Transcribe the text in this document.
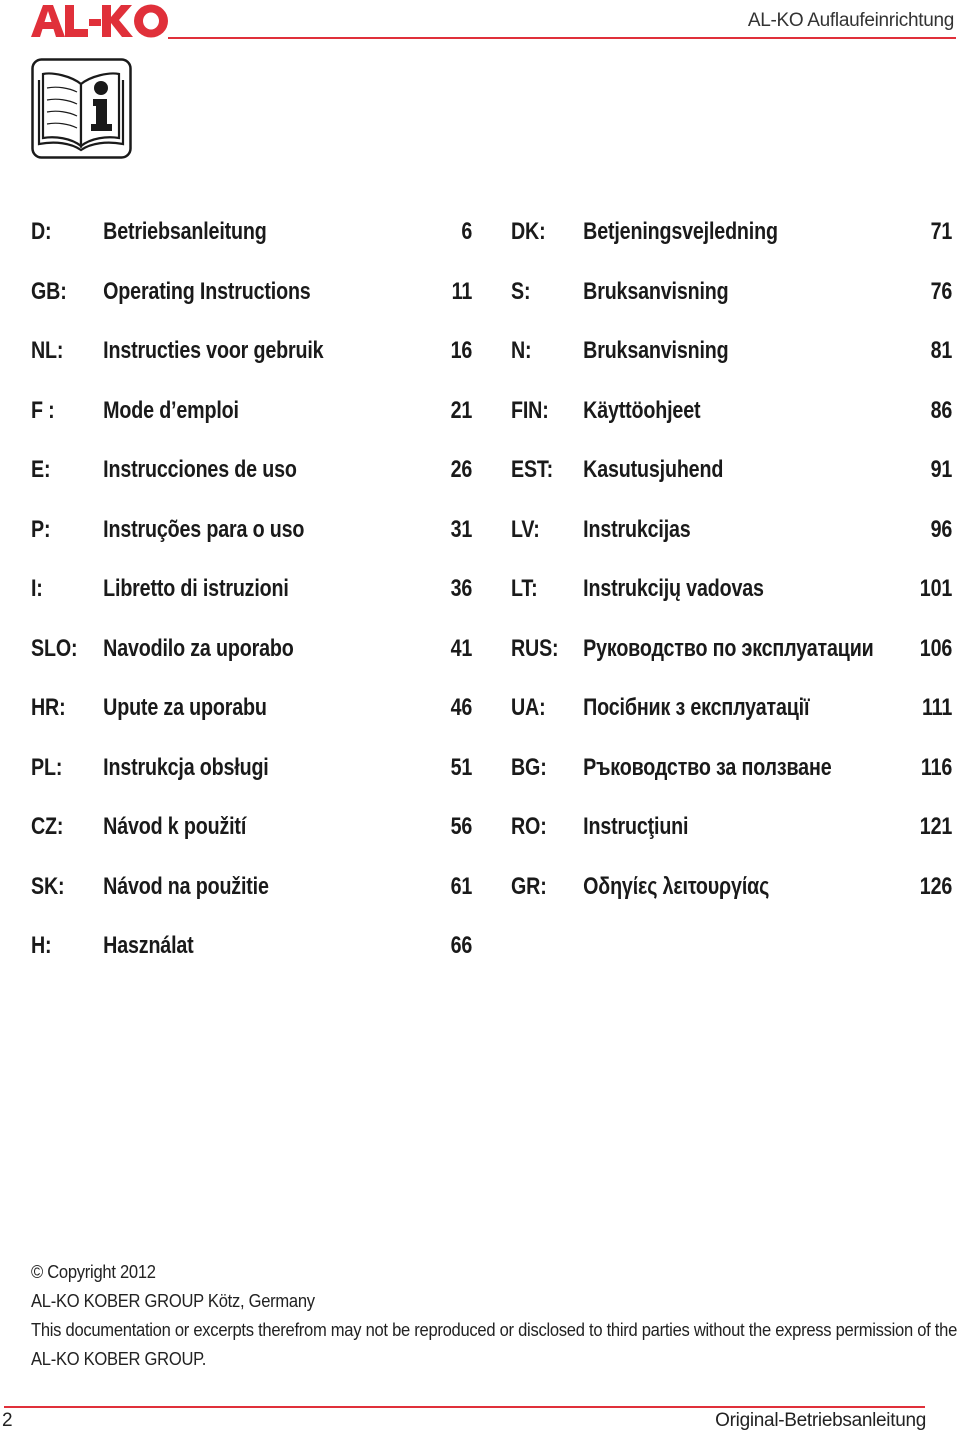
AL-KO Auflaufeinrichtung
D: Betriebsanleitung	6
GB: Operating Instructions	11
NL: Instructies voor gebruik	16
F : Mode d’emploi	21
E: Instrucciones de uso	26
P: Instruções para o uso	31
I:	Libretto di istruzioni	36
SLO: Navodilo za uporabo	41
HR: Upute za uporabu	46
PL: Instrukcja obsługi	51
CZ: Návod k použití	56
SK: Návod na použitie	61
H: Használat	66
DK: Betjeningsvejledning	71
S: Bruksanvisning	76
N: Bruksanvisning	81
FIN: Käyttöohjeet	86
EST: Kasutusjuhend	91
LV: Instrukcijas	96
LT: Instrukcijų vadovas	101
RUS: Руководство по эксплуатации 106
UA: Посібник з експлуатації	111
BG: Ръководство за ползване	116
RO: Instrucţiuni	121
GR: Οδηγίες λειτουργίας	126
© Copyright 2012
AL-KO KOBER GROUP Kötz, Germany
This documentation or excerpts therefrom may not be reproduced or disclosed to third parties without the express permission of the
AL-KO KOBER GROUP.
2	Original-Betriebsanleitung
